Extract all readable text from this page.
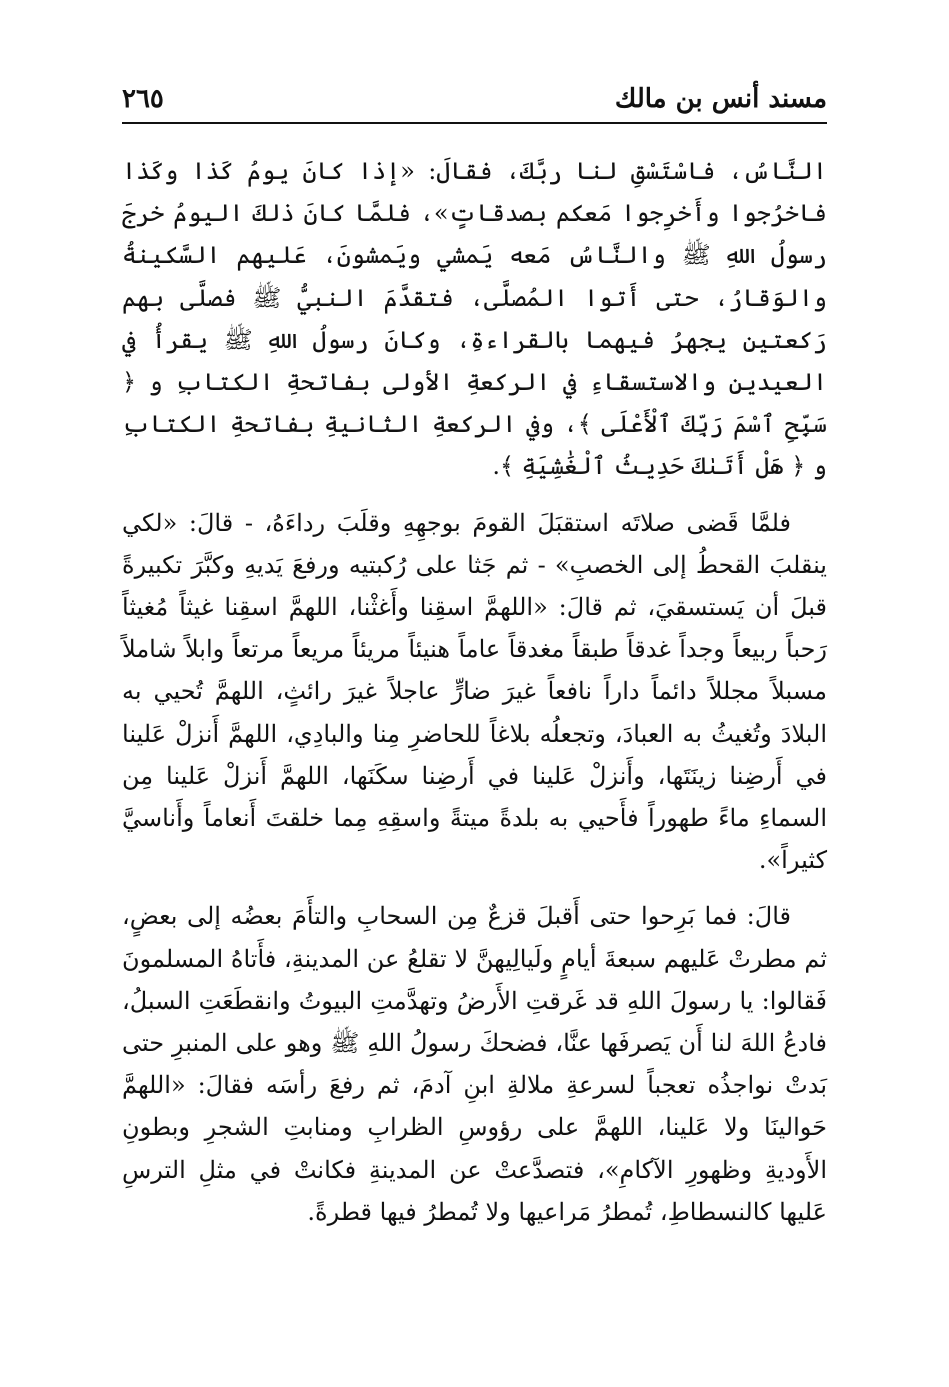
مسند أنس بن مالك
٢٦٥

النَّاسُ، فاسْتَسْقِ لنا ربَّكَ، فقالَ: «إذا كانَ يومُ كَذا وكَذا فاخرُجوا وأَخرِجوا مَعكم بصدقاتٍ»، فلمَّا كانَ ذلكَ اليومُ خرجَ رسولُ اللهِ ﷺ والنَّاسُ مَعه يَمشي ويَمشونَ، عَليهم السَّكينةُ والوَقارُ، حتى أَتوا المُصلَّى، فتقدَّمَ النبيُّ ﷺ فصلَّى بهم رَكعتينِ يجهرُ فيهما بالقراءةِ، وكانَ رسولُ اللهِ ﷺ يقرأُ في العيدينِ والاستسقاءِ في الركعةِ الأولى بفاتحةِ الكتابِ و ﴿ سَبِّحِ ٱسْمَ رَبِّكَ ٱلْأَعْلَى ﴾، وفي الركعةِ الثانيةِ بفاتحةِ الكتابِ و ﴿ هَلْ أَتَىٰكَ حَدِيثُ ٱلْغَٰشِيَةِ ﴾.

فلمَّا قَضى صلاتَه استقبَلَ القومَ بوجهِهِ وقلَبَ رداءَهُ، - قالَ: «لكي ينقلبَ القحطُ إلى الخصبِ» - ثم جَثا على رُكبتيه ورفعَ يَديهِ وكبَّرَ تكبيرةً قبلَ أن يَستسقيَ، ثم قالَ: «اللهمَّ اسقِنا وأَغثْنا، اللهمَّ اسقِنا غيثاً مُغيثاً رَحباً ربيعاً وجداً غدقاً طبقاً مغدقاً عاماً هنيئاً مريئاً مريعاً مرتعاً وابلاً شاملاً مسبلاً مجللاً دائماً داراً نافعاً غيرَ ضارٍّ عاجلاً غيرَ رائثٍ، اللهمَّ تُحيي به البلادَ وتُغيثُ به العبادَ، وتجعلُه بلاغاً للحاضرِ مِنا والبادِي، اللهمَّ أَنزلْ عَلينا في أَرضِنا زينَتَها، وأَنزلْ عَلينا في أَرضِنا سكَنَها، اللهمَّ أَنزلْ عَلينا مِن السماءِ ماءً طهوراً فأَحيي به بلدةً ميتةً واسقِهِ مِما خلقتَ أَنعاماً وأَناسيَّ كثيراً».

قالَ: فما بَرِحوا حتى أَقبلَ قزعٌ مِن السحابِ والتأَمَ بعضُه إلى بعضٍ، ثم مطرتْ عَليهم سبعةَ أيامٍ ولَيالِيهنَّ لا تقلعُ عن المدينةِ، فأَتاهُ المسلمونَ فَقالوا: يا رسولَ اللهِ قد غَرقتِ الأَرضُ وتهدَّمتِ البيوتُ وانقطَعَتِ السبلُ، فادعُ اللهَ لنا أَن يَصرفَها عنَّا، فضحكَ رسولُ اللهِ ﷺ وهو على المنبرِ حتى بَدتْ نواجذُه تعجباً لسرعةِ ملالةِ ابنِ آدمَ، ثم رفعَ رأسَه فقالَ: «اللهمَّ حَوالينَا ولا عَلينا، اللهمَّ على رؤوسِ الظرابِ ومنابتِ الشجرِ وبطونِ الأَوديةِ وظهورِ الآكامِ»، فتصدَّعتْ عن المدينةِ فكانتْ في مثلِ الترسِ عَليها كالنسطاطِ، تُمطرُ مَراعيها ولا تُمطرُ فيها قطرةً.
